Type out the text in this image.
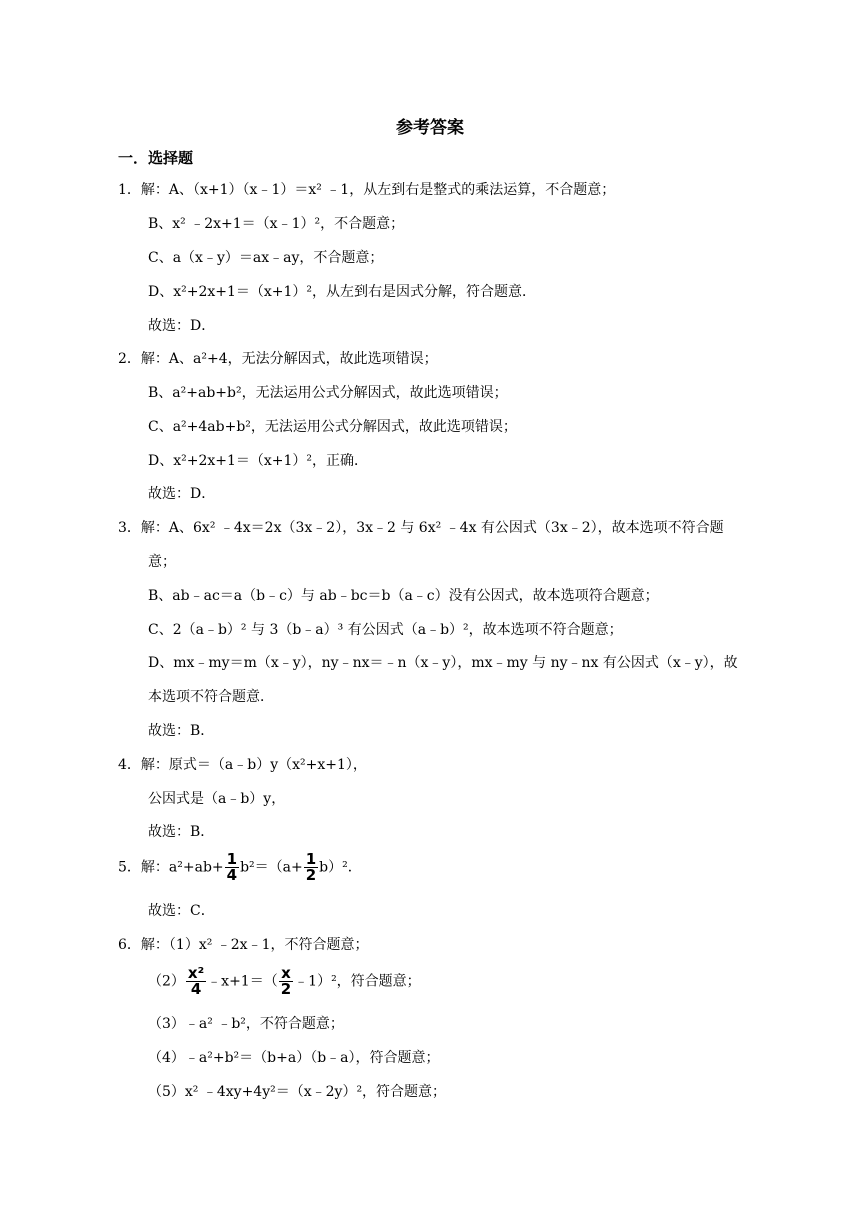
参考答案
一．选择题
1．解：A、（x+1）（x﹣1）＝x² ﹣1，从左到右是整式的乘法运算，不合题意；
B、x² ﹣2x+1＝（x﹣1）²，不合题意；
C、a（x﹣y）＝ax﹣ay，不合题意；
D、x²+2x+1＝（x+1）²，从左到右是因式分解，符合题意．
故选：D．
2．解：A、a²+4，无法分解因式，故此选项错误；
B、a²+ab+b²，无法运用公式分解因式，故此选项错误；
C、a²+4ab+b²，无法运用公式分解因式，故此选项错误；
D、x²+2x+1＝（x+1）²，正确．
故选：D．
3．解：A、6x² ﹣4x＝2x（3x﹣2），3x﹣2 与 6x² ﹣4x 有公因式（3x﹣2），故本选项不符合题
意；
B、ab﹣ac＝a（b﹣c）与 ab﹣bc＝b（a﹣c）没有公因式，故本选项符合题意；
C、2（a﹣b）² 与 3（b﹣a）³ 有公因式（a﹣b）²，故本选项不符合题意；
D、mx﹣my＝m（x﹣y），ny﹣nx＝﹣n（x﹣y），mx﹣my 与 ny﹣nx 有公因式（x﹣y），故
本选项不符合题意．
故选：B．
4．解：原式＝（a﹣b）y（x²+x+1），
公因式是（a﹣b）y，
故选：B．
5．解：$a^2+ab+ \frac{1}{4} b^2=(a+ \frac{1}{2} b)^2$．
故选：C．
6．解：（1）x² ﹣2x﹣1，不符合题意；
$(2) \frac{\text{x²}}{4}$ ﹣x+1＝（ $\frac{x}{2}$ ﹣1）²，符合题意；
（3）﹣a² ﹣b²，不符合题意；
（4）﹣a²+b²＝（b+a）（b﹣a），符合题意；
（5）x² ﹣4xy+4y²＝（x﹣2y）²，符合题意；
